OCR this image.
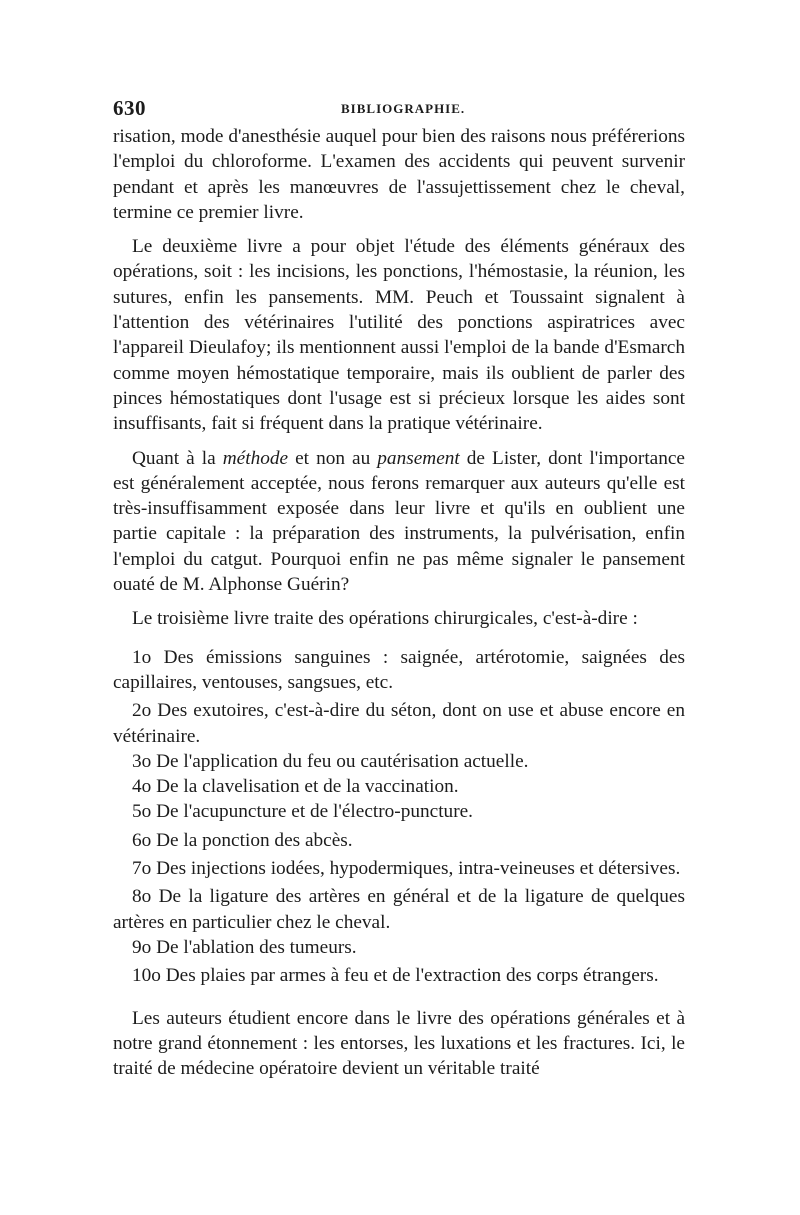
630	BIBLIOGRAPHIE.

risation, mode d'anesthésie auquel pour bien des raisons nous préférerions l'emploi du chloroforme. L'examen des accidents qui peuvent survenir pendant et après les manœuvres de l'assujettissement chez le cheval, termine ce premier livre.

Le deuxième livre a pour objet l'étude des éléments généraux des opérations, soit : les incisions, les ponctions, l'hémostasie, la réunion, les sutures, enfin les pansements. MM. Peuch et Toussaint signalent à l'attention des vétérinaires l'utilité des ponctions aspiratrices avec l'appareil Dieulafoy; ils mentionnent aussi l'emploi de la bande d'Esmarch comme moyen hémostatique temporaire, mais ils oublient de parler des pinces hémostatiques dont l'usage est si précieux lorsque les aides sont insuffisants, fait si fréquent dans la pratique vétérinaire.

Quant à la méthode et non au pansement de Lister, dont l'importance est généralement acceptée, nous ferons remarquer aux auteurs qu'elle est très-insuffisamment exposée dans leur livre et qu'ils en oublient une partie capitale : la préparation des instruments, la pulvérisation, enfin l'emploi du catgut. Pourquoi enfin ne pas même signaler le pansement ouaté de M. Alphonse Guérin?

Le troisième livre traite des opérations chirurgicales, c'est-à-dire :

1o Des émissions sanguines : saignée, artérotomie, saignées des capillaires, ventouses, sangsues, etc.

2o Des exutoires, c'est-à-dire du séton, dont on use et abuse encore en vétérinaire.

3o De l'application du feu ou cautérisation actuelle.

4o De la clavelisation et de la vaccination.

5o De l'acupuncture et de l'électro-puncture.

6o De la ponction des abcès.

7o Des injections iodées, hypodermiques, intra-veineuses et détersives.

8o De la ligature des artères en général et de la ligature de quelques artères en particulier chez le cheval.

9o De l'ablation des tumeurs.

10o Des plaies par armes à feu et de l'extraction des corps étrangers.

Les auteurs étudient encore dans le livre des opérations générales et à notre grand étonnement : les entorses, les luxations et les fractures. Ici, le traité de médecine opératoire devient un véritable traité
